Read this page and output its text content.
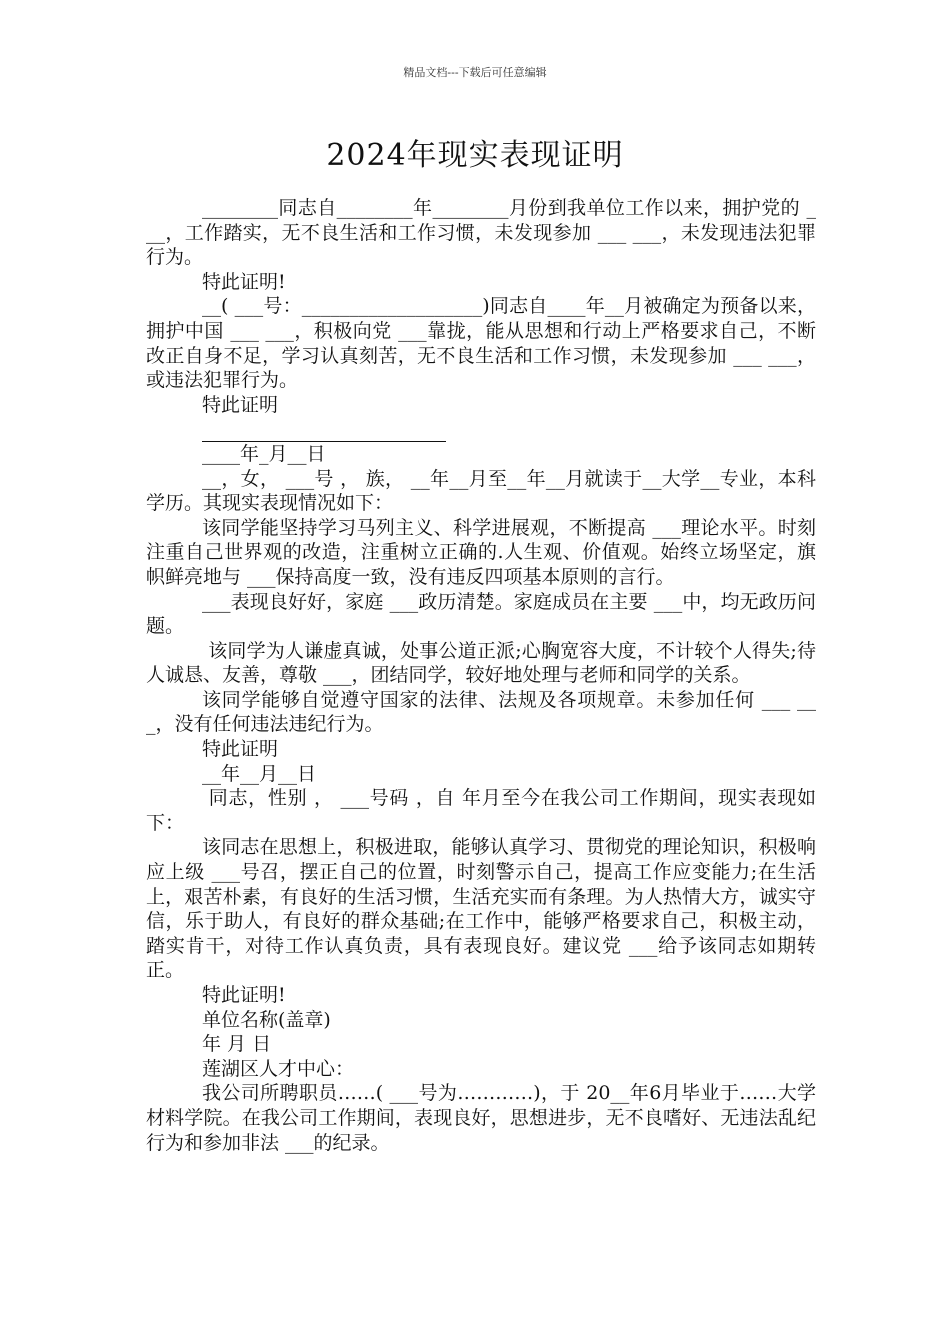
精品文档---下载后可任意编辑
2024年现实表现证明

________同志自________年________月份到我单位工作以来，拥护党的 ___，工作踏实，无不良生活和工作习惯，未发现参加 ___ ___，未发现违法犯罪行为。

特此证明!

__( ___号：___________________)同志自____年__月被确定为预备以来，拥护中国 ___ ___，积极向党 ___靠拢，能从思想和行动上严格要求自己，不断改正自身不足，学习认真刻苦，无不良生活和工作习惯，未发现参加 ___ ___，或违法犯罪行为。

特此证明

____年_月__日

__，女， ___号 ， 族， __年__月至__年__月就读于__大学__专业，本科学历。其现实表现情况如下：

该同学能坚持学习马列主义、科学进展观，不断提高 ___理论水平。时刻注重自己世界观的改造，注重树立正确的.人生观、价值观。始终立场坚定，旗帜鲜亮地与 ___保持高度一致，没有违反四项基本原则的言行。

___表现良好好，家庭 ___政历清楚。家庭成员在主要 ___中，均无政历问题。

该同学为人谦虚真诚，处事公道正派;心胸宽容大度，不计较个人得失;待人诚恳、友善，尊敬 ___，团结同学，较好地处理与老师和同学的关系。

该同学能够自觉遵守国家的法律、法规及各项规章。未参加任何 ___ ___，没有任何违法违纪行为。

特此证明

__年__月__日

同志，性别 ， ___号码 ，自 年月至今在我公司工作期间，现实表现如下：

该同志在思想上，积极进取，能够认真学习、贯彻党的理论知识，积极响应上级 ___号召，摆正自己的位置，时刻警示自己，提高工作应变能力;在生活上，艰苦朴素，有良好的生活习惯，生活充实而有条理。为人热情大方，诚实守信，乐于助人，有良好的群众基础;在工作中，能够严格要求自己，积极主动，踏实肯干，对待工作认真负责，具有表现良好。建议党 ___给予该同志如期转正。

特此证明!

单位名称(盖章)

年 月 日

莲湖区人才中心：

我公司所聘职员……( ___号为…………)，于 20__年6月毕业于……大学材料学院。在我公司工作期间，表现良好，思想进步，无不良嗜好、无违法乱纪行为和参加非法 ___的纪录。
